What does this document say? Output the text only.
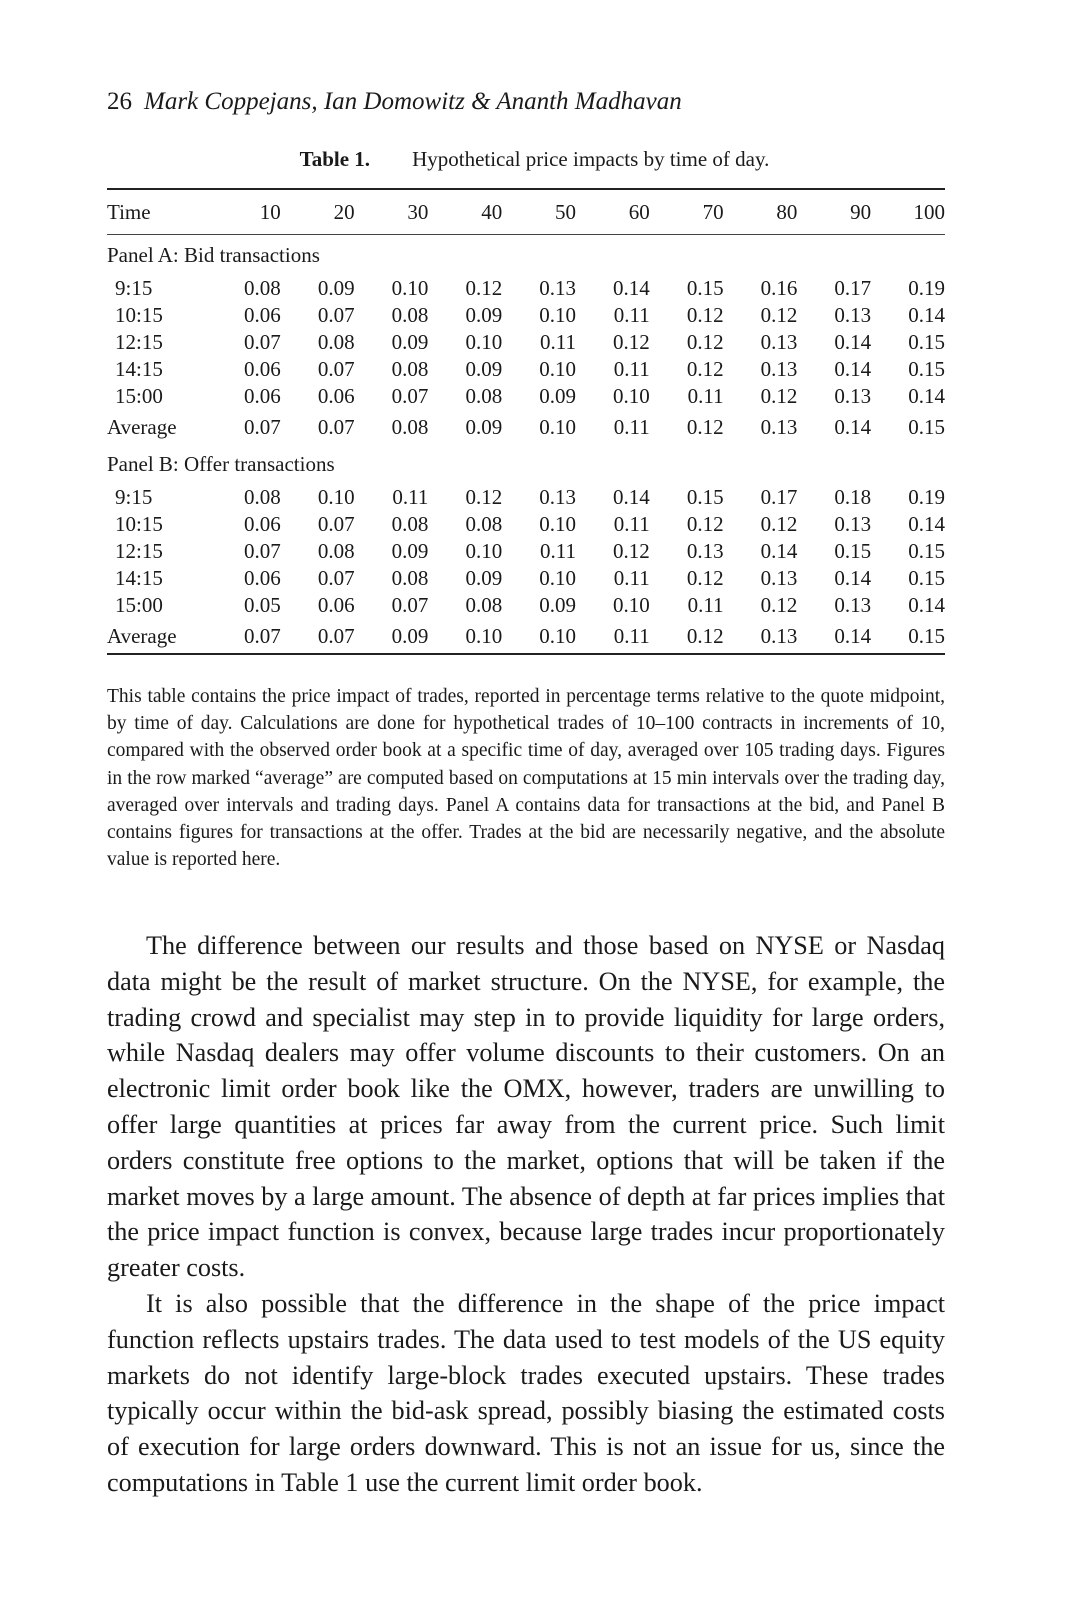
26 Mark Coppejans, Ian Domowitz & Ananth Madhavan
Table 1. Hypothetical price impacts by time of day.
Time	10	20	30	40	50	60	70	80	90	100
Panel A: Bid transactions										
9:15	0.08	0.09	0.10	0.12	0.13	0.14	0.15	0.16	0.17	0.19
10:15	0.06	0.07	0.08	0.09	0.10	0.11	0.12	0.12	0.13	0.14
12:15	0.07	0.08	0.09	0.10	0.11	0.12	0.12	0.13	0.14	0.15
14:15	0.06	0.07	0.08	0.09	0.10	0.11	0.12	0.13	0.14	0.15
15:00	0.06	0.06	0.07	0.08	0.09	0.10	0.11	0.12	0.13	0.14
Average	0.07	0.07	0.08	0.09	0.10	0.11	0.12	0.13	0.14	0.15
Panel B: Offer transactions										
9:15	0.08	0.10	0.11	0.12	0.13	0.14	0.15	0.17	0.18	0.19
10:15	0.06	0.07	0.08	0.08	0.10	0.11	0.12	0.12	0.13	0.14
12:15	0.07	0.08	0.09	0.10	0.11	0.12	0.13	0.14	0.15	0.15
14:15	0.06	0.07	0.08	0.09	0.10	0.11	0.12	0.13	0.14	0.15
15:00	0.05	0.06	0.07	0.08	0.09	0.10	0.11	0.12	0.13	0.14
Average	0.07	0.07	0.09	0.10	0.10	0.11	0.12	0.13	0.14	0.15
This table contains the price impact of trades, reported in percentage terms relative to the quote midpoint, by time of day. Calculations are done for hypothetical trades of 10–100 contracts in increments of 10, compared with the observed order book at a specific time of day, averaged over 105 trading days. Figures in the row marked “average” are computed based on computations at 15 min intervals over the trading day, averaged over intervals and trading days. Panel A contains data for transactions at the bid, and Panel B contains figures for transactions at the offer. Trades at the bid are necessarily negative, and the absolute value is reported here.

The difference between our results and those based on NYSE or Nasdaq data might be the result of market structure. On the NYSE, for example, the trading crowd and specialist may step in to provide liquidity for large orders, while Nasdaq dealers may offer volume discounts to their customers. On an electronic limit order book like the OMX, however, traders are unwilling to offer large quantities at prices far away from the current price. Such limit orders constitute free options to the market, options that will be taken if the market moves by a large amount. The absence of depth at far prices implies that the price impact function is convex, because large trades incur proportionately greater costs.

It is also possible that the difference in the shape of the price impact function reflects upstairs trades. The data used to test models of the US equity markets do not identify large-block trades executed upstairs. These trades typically occur within the bid-ask spread, possibly biasing the estimated costs of execution for large orders downward. This is not an issue for us, since the computations in Table 1 use the current limit order book.
